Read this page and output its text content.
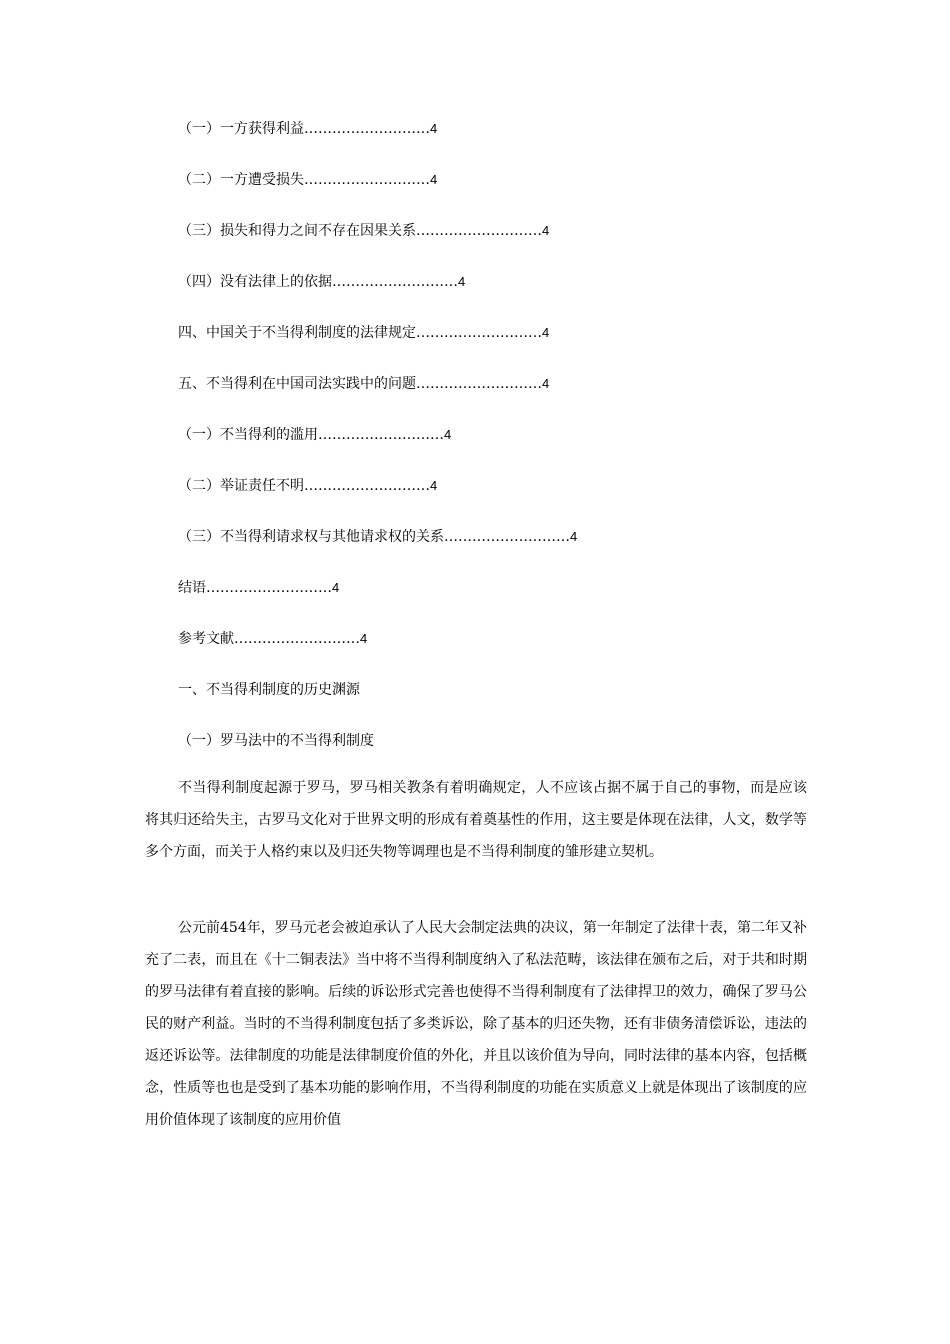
（一）一方获得利益………………………4
（二）一方遭受损失………………………4
（三）损失和得力之间不存在因果关系………………………4
（四）没有法律上的依据………………………4
四、中国关于不当得利制度的法律规定………………………4
五、不当得利在中国司法实践中的问题………………………4
（一）不当得利的滥用………………………4
（二）举证责任不明………………………4
（三）不当得利请求权与其他请求权的关系………………………4
结语………………………4
参考文献………………………4
一、不当得利制度的历史渊源
（一）罗马法中的不当得利制度

不当得利制度起源于罗马，罗马相关教条有着明确规定，人不应该占据不属于自己的事物，而是应该将其归还给失主，古罗马文化对于世界文明的形成有着奠基性的作用，这主要是体现在法律，人文，数学等多个方面，而关于人格约束以及归还失物等调理也是不当得利制度的雏形建立契机。

公元前454年，罗马元老会被迫承认了人民大会制定法典的决议，第一年制定了法律十表，第二年又补充了二表，而且在《十二铜表法》当中将不当得利制度纳入了私法范畴，该法律在颁布之后，对于共和时期的罗马法律有着直接的影响。后续的诉讼形式完善也使得不当得利制度有了法律捍卫的效力，确保了罗马公民的财产利益。当时的不当得利制度包括了多类诉讼，除了基本的归还失物，还有非债务清偿诉讼，违法的返还诉讼等。法律制度的功能是法律制度价值的外化，并且以该价值为导向，同时法律的基本内容，包括概念，性质等也也是受到了基本功能的影响作用，不当得利制度的功能在实质意义上就是体现出了该制度的应用价值体现了该制度的应用价值
